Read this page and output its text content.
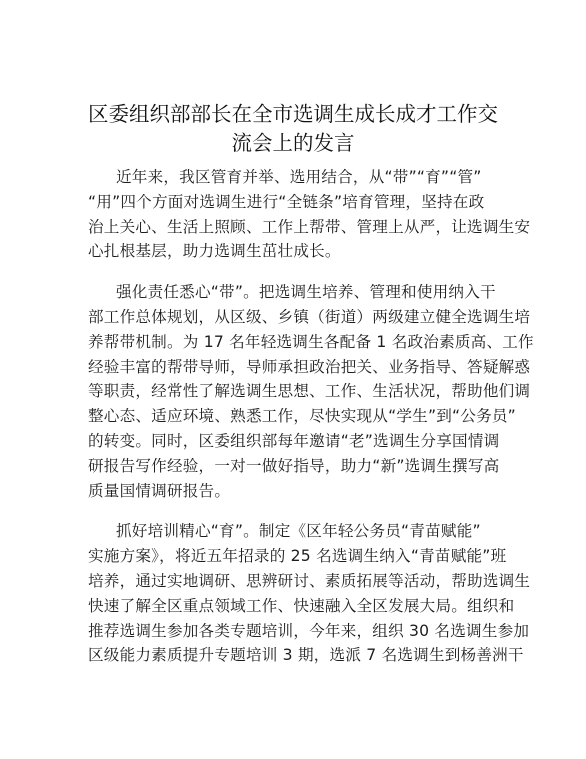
区委组织部部长在全市选调生成长成才工作交
流会上的发言
近年来，我区管育并举、选用结合，从“带”“育”“管”
“用”四个方面对选调生进行“全链条”培育管理，坚持在政
治上关心、生活上照顾、工作上帮带、管理上从严，让选调生安
心扎根基层，助力选调生茁壮成长。
强化责任悉心“带”。把选调生培养、管理和使用纳入干
部工作总体规划，从区级、乡镇（街道）两级建立健全选调生培
养帮带机制。为 17 名年轻选调生各配备 1 名政治素质高、工作
经验丰富的帮带导师，导师承担政治把关、业务指导、答疑解惑
等职责，经常性了解选调生思想、工作、生活状况，帮助他们调
整心态、适应环境、熟悉工作，尽快实现从“学生”到“公务员”
的转变。同时，区委组织部每年邀请“老”选调生分享国情调
研报告写作经验，一对一做好指导，助力“新”选调生撰写高
质量国情调研报告。
抓好培训精心“育”。制定《区年轻公务员“青苗赋能”
实施方案》，将近五年招录的 25 名选调生纳入“青苗赋能”班
培养，通过实地调研、思辨研讨、素质拓展等活动，帮助选调生
快速了解全区重点领域工作、快速融入全区发展大局。组织和
推荐选调生参加各类专题培训，今年来，组织 30 名选调生参加
区级能力素质提升专题培训 3 期，选派 7 名选调生到杨善洲干
